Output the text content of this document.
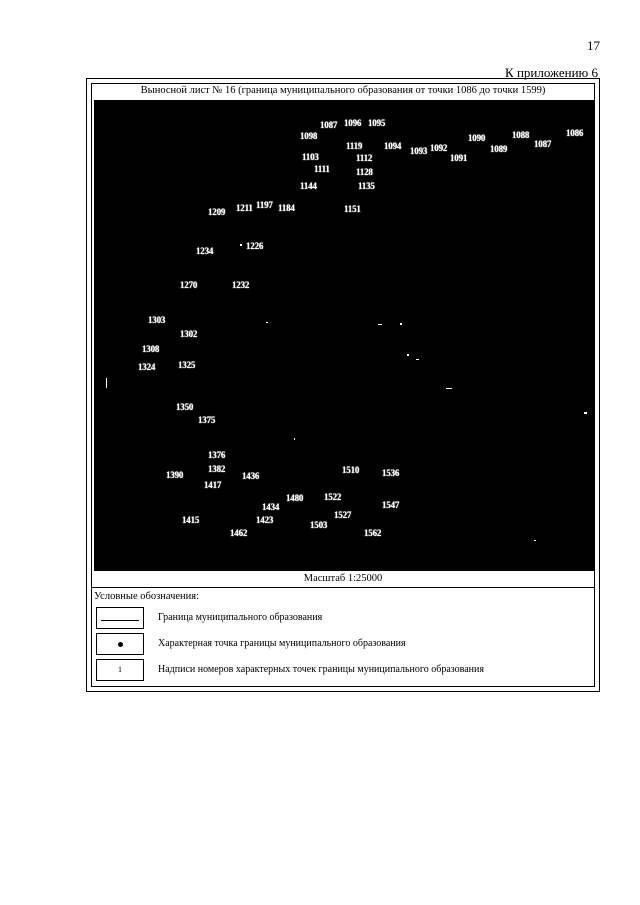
17
К приложению 6
Выносной лист № 16 (граница муниципального образования от точки 1086 до точки 1599)
1087 1096 1095
1098
1119 1094 1093 1092
1090	1088
1089	1087
1086
1091
1103	1112
1111	1128
1144	1135
1209 1211 1197 1184	1151
1226
1234
1270	1232
1303
1302
1308
1324	1325
1350
1375
1376
1382
1390
1417
1436
1510	1536
1480 1522
1434	1547
1527
1415	1423	1503
1462	1562
Масштаб 1:25000
Условные обозначения:
Граница муниципального образования
Характерная точка границы муниципального образования
1	Надписи номеров характерных точек границы муниципального образования
